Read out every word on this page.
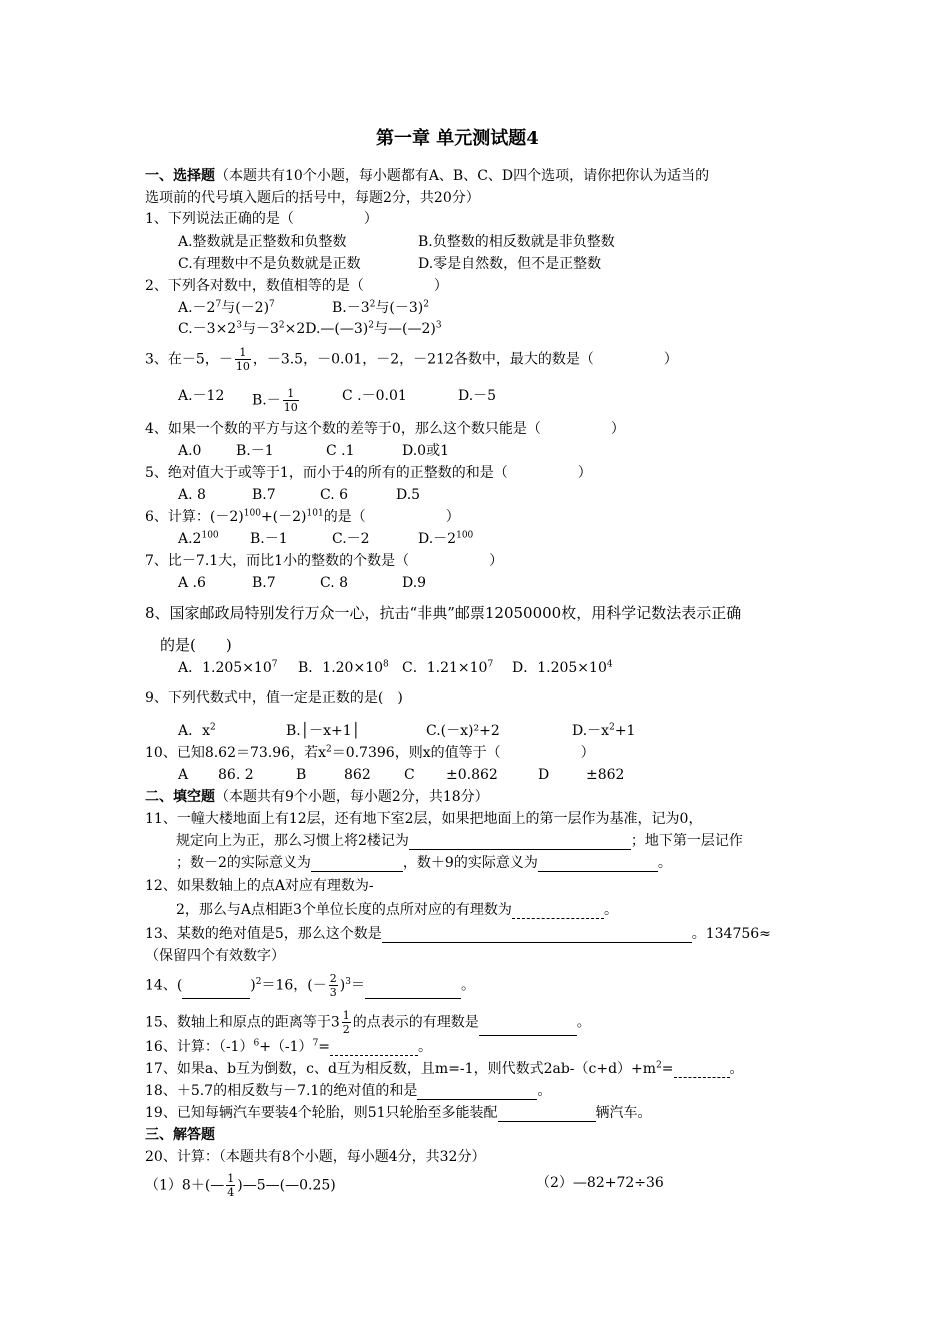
第一章 单元测试题4
一、选择题（本题共有10个小题，每小题都有A、B、C、D四个选项，请你把你认为适当的
选项前的代号填入题后的括号中，每题2分，共20分）
1、下列说法正确的是（	）
A.整数就是正整数和负整数	B.负整数的相反数就是非负整数
C.有理数中不是负数就是正数	D.零是自然数，但不是正整数
2、下列各对数中，数值相等的是（	）
$A.-2^7$与$(-2)^7$	$B.-3^2$与$(-3)^2$
$C.-3\times 2^3$与$-3^2\times 2D.—(—3)^2$与—(—2)$^3$
3、在－5，－ $\frac{1}{10}$ ，－3.5，－0.01，－2，－212各数中，最大的数是（	）
A.－12 $B.- \frac{1}{10}$	C .－0.01	D.－5
4、如果一个数的平方与这个数的差等于0，那么这个数只能是（	）
A.0 B.－1	C .1	D.0或1
5、绝对值大于或等于1，而小于4的所有的正整数的和是（	）
A. 8	B.7	C. 6	D.5
6、计算：$(-2)^{100}+(-2)^{101}$的是（	）
$A.2^{100}$ B.－1	C.－2	$D.-2^{100}$
7、比－7.1大，而比1小的整数的个数是（	）
A .6	B.7	C. 8	D.9
8、国家邮政局特别发行万众一心，抗击“非典”邮票12050000枚，用科学记数法表示正确
的是(　　)
A．$1.205\times 10^7$ B．$1.20\times 10^8$ C．$1.21\times 10^7$ D．$1.205\times 10^4$
9、下列代数式中，值一定是正数的是(　)
A．$x^2$	B.│－x+1│	C.(－x)²+2	$D.-x^2+1$
10、已知8.62＝73.96，若$x^2=0.7396$，则x的值等于（	）
A 86. 2	B	862 C ±0.862	D	±862
二、填空题（本题共有9个小题，每小题2分，共18分）
11、一幢大楼地面上有12层，还有地下室2层，如果把地面上的第一层作为基准，记为0，
规定向上为正，那么习惯上将2楼记为	；地下第一层记作
；数－2的实际意义为	，数＋9的实际意义为	。
12、如果数轴上的点A对应有理数为-
2，那么与A点相距3个单位长度的点所对应的有理数为	。
13、某数的绝对值是5，那么这个数是	。134756≈
（保留四个有效数字）
14、(	)$^2$＝16，(－ $\frac{2}{3} )^3=$	。
15、数轴上和原点的距离等于$3 \frac{1}{2}$ 的点表示的有理数是	。
16、计算：$(-1)^6+(-1)^7=$	。
17、如果a、b互为倒数，c、d互为相反数，且m=-1，则代数式$2ab-(c+d)+m^2=$	。
18、＋5.7的相反数与－7.1的绝对值的和是	。
19、已知每辆汽车要装4个轮胎，则51只轮胎至多能装配	辆汽车。
三、解答题
20、计算：（本题共有8个小题，每小题4分，共32分）
（1）8＋(— $\frac{1}{4}$ )—5—(—0.25)	（2）—82+72÷36
